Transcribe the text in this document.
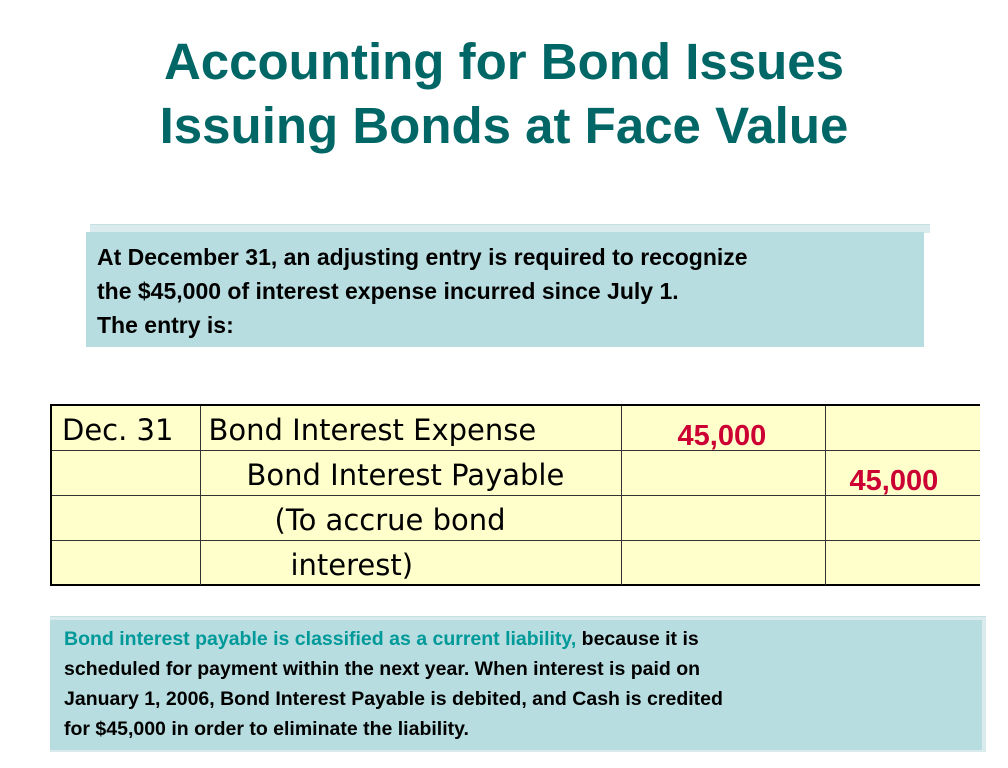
Accounting for Bond Issues
Issuing Bonds at Face Value
At December 31, an adjusting entry is required to recognize
the $45,000 of interest expense incurred since July 1.
The entry is:
Dec. 31	Bond Interest Expense	45,000	

	Bond Interest Payable		45,000

	(To accrue bond		

	interest)		

Bond interest payable is classified as a current liability, because it is
scheduled for payment within the next year. When interest is paid on
January 1, 2006, Bond Interest Payable is debited, and Cash is credited
for $45,000 in order to eliminate the liability.
